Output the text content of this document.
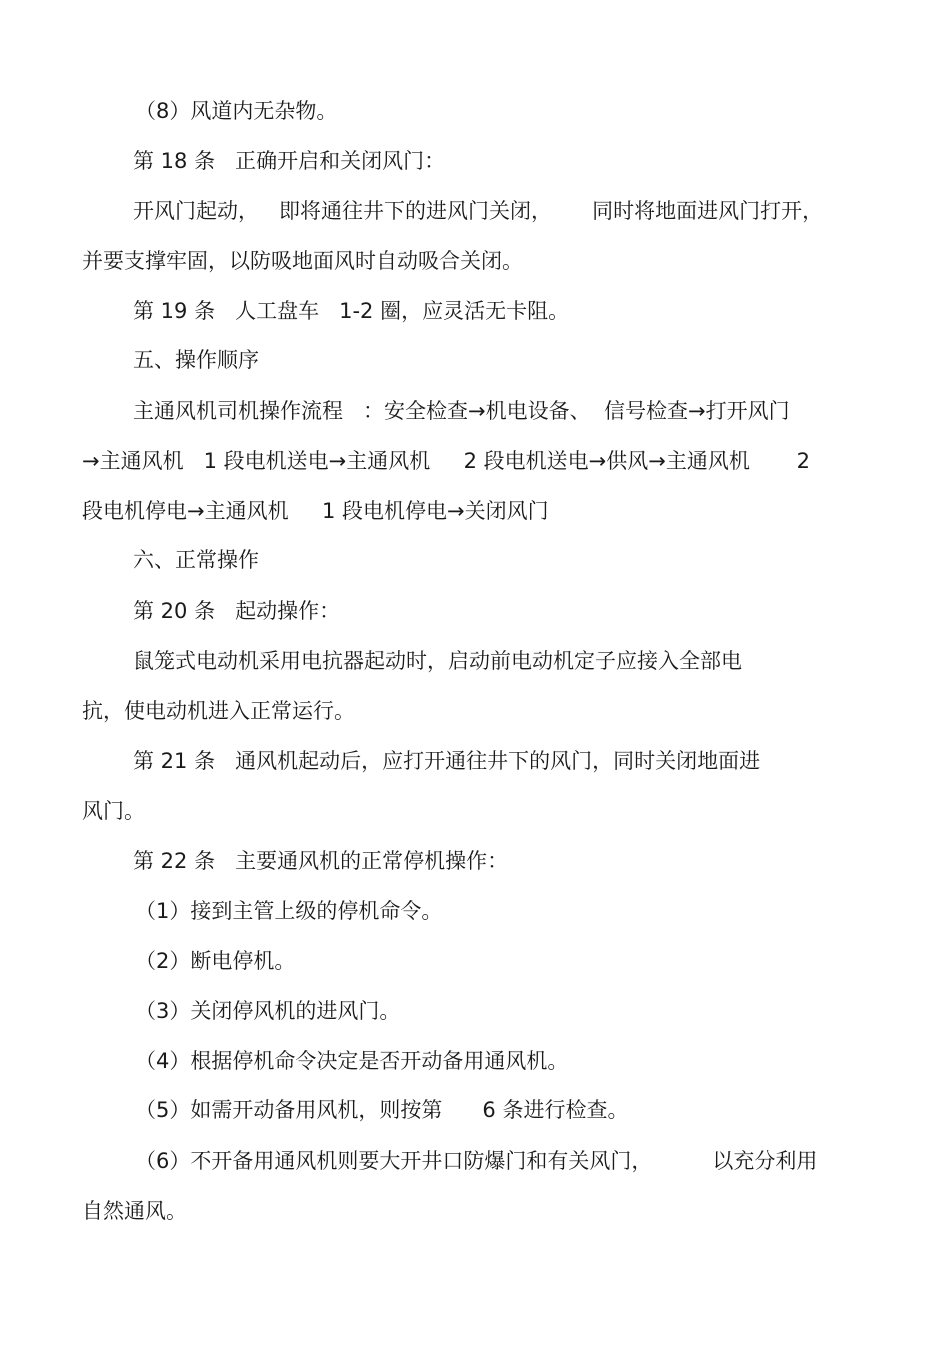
（8）风道内无杂物。

第 18 条   正确开启和关闭风门：

开风门起动，   即将通往井下的进风门关闭，      同时将地面进风门打开，

并要支撑牢固，以防吸地面风时自动吸合关闭。

第 19 条   人工盘车   1-2 圈，应灵活无卡阻。

五、操作顺序

主通风机司机操作流程   ：安全检查→机电设备、  信号检查→打开风门

→主通风机   1 段电机送电→主通风机     2 段电机送电→供风→主通风机       2

段电机停电→主通风机     1 段电机停电→关闭风门

六、正常操作

第 20 条   起动操作：

鼠笼式电动机采用电抗器起动时，启动前电动机定子应接入全部电

抗，使电动机进入正常运行。

第 21 条   通风机起动后，应打开通往井下的风门，同时关闭地面进

风门。

第 22 条   主要通风机的正常停机操作：

（1）接到主管上级的停机命令。

（2）断电停机。

（3）关闭停风机的进风门。

（4）根据停机命令决定是否开动备用通风机。

（5）如需开动备用风机，则按第      6 条进行检查。

（6）不开备用通风机则要大开井口防爆门和有关风门，         以充分利用

自然通风。
